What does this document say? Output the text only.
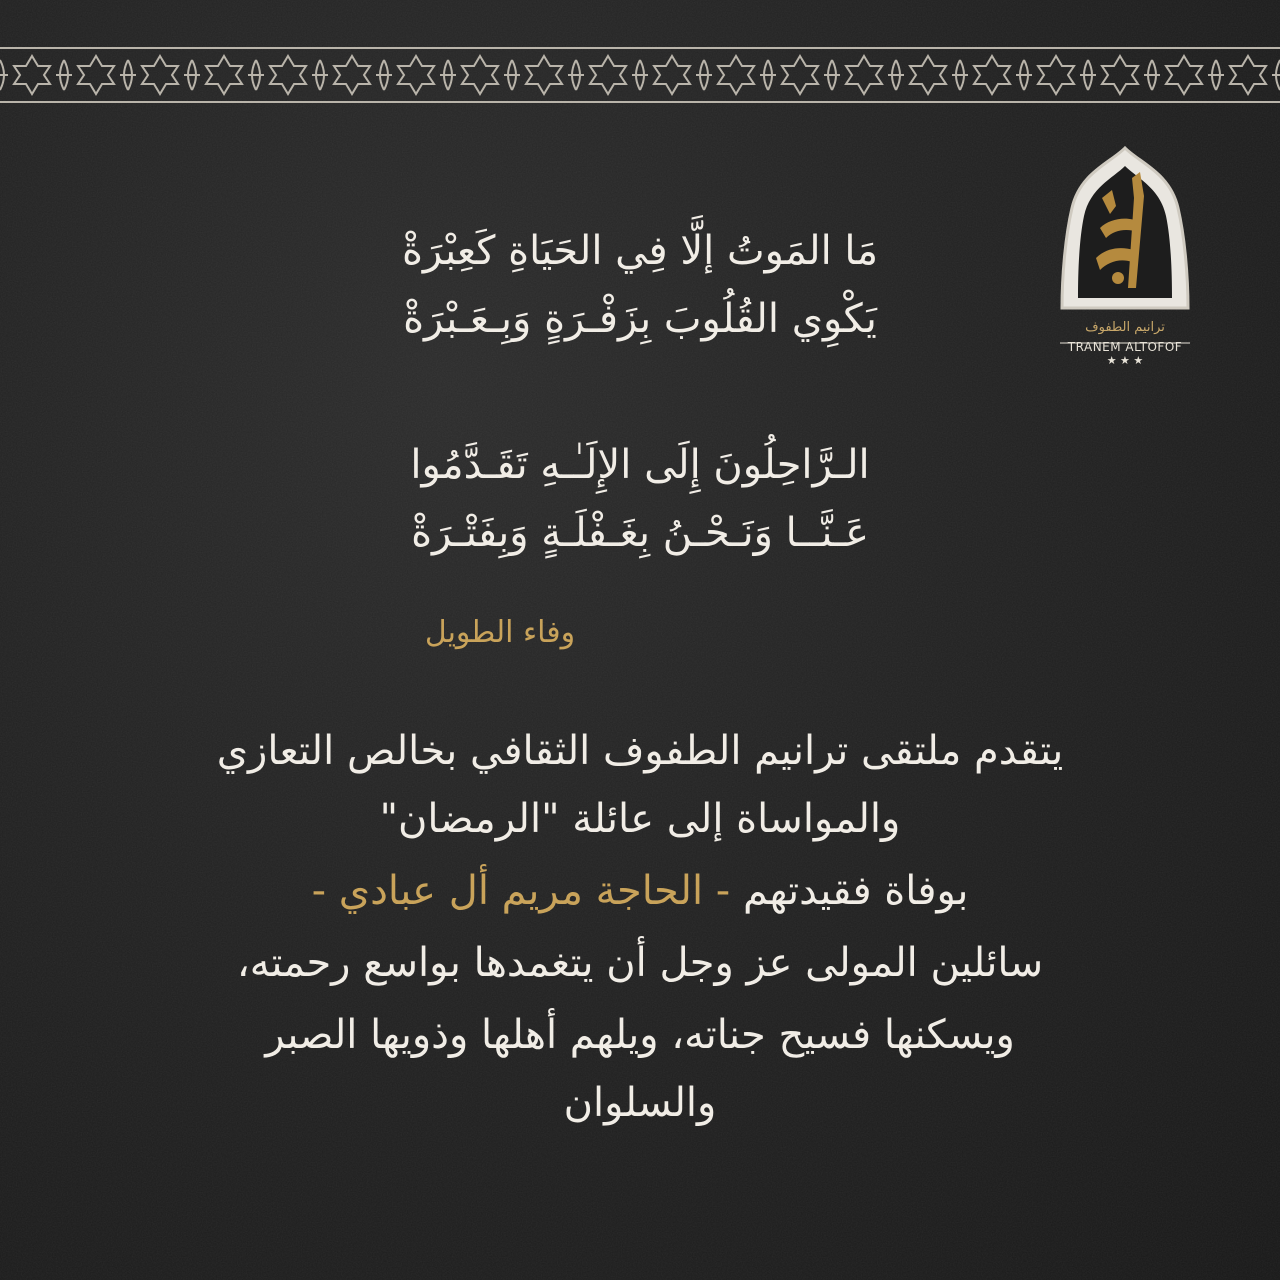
ترانيم الطفوف
TRANEM ALTOFOF
★ ★ ★
مَا المَوتُ إلَّا فِي الحَيَاةِ كَعِبْرَةْ
يَكْوِي القُلُوبَ بِزَفْـرَةٍ وَبِـعَـبْرَةْ
الـرَّاحِلُونَ إِلَى الإِلَـٰـهِ تَقَـدَّمُوا
عَـنَّــا وَنَـحْـنُ بِغَـفْلَـةٍ وَبِفَتْـرَةْ
وفاء الطويل
يتقدم ملتقى ترانيم الطفوف الثقافي بخالص التعازي
والمواساة إلى عائلة "الرمضان"
بوفاة فقيدتهم - الحاجة مريم أل عبادي -
سائلين المولى عز وجل أن يتغمدها بواسع رحمته،
ويسكنها فسيح جناته، ويلهم أهلها وذويها الصبر
والسلوان
